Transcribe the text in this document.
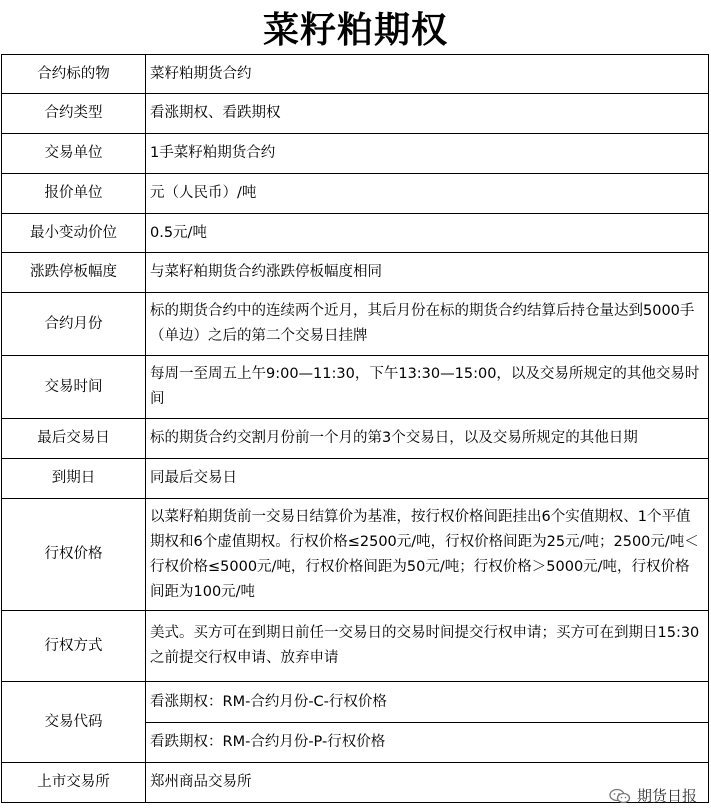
菜籽粕期权
合约标的物	菜籽粕期货合约
合约类型	看涨期权、看跌期权
交易单位	1手菜籽粕期货合约
报价单位	元（人民币）/吨
最小变动价位	0.5元/吨
涨跌停板幅度	与菜籽粕期货合约涨跌停板幅度相同
合约月份	标的期货合约中的连续两个近月，其后月份在标的期货合约结算后持仓量达到5000手（单边）之后的第二个交易日挂牌
交易时间	每周一至周五上午9:00—11:30，下午13:30—15:00，以及交易所规定的其他交易时间
最后交易日	标的期货合约交割月份前一个月的第3个交易日，以及交易所规定的其他日期
到期日	同最后交易日
行权价格	以菜籽粕期货前一交易日结算价为基准，按行权价格间距挂出6个实值期权、1个平值期权和6个虚值期权。行权价格≤2500元/吨，行权价格间距为25元/吨；2500元/吨＜行权价格≤5000元/吨，行权价格间距为50元/吨；行权价格＞5000元/吨，行权价格间距为100元/吨
行权方式	美式。买方可在到期日前任一交易日的交易时间提交行权申请；买方可在到期日15:30之前提交行权申请、放弃申请
交易代码	看涨期权：RM-合约月份-C-行权价格
	看跌期权：RM-合约月份-P-行权价格
上市交易所	郑州商品交易所
期货日报
